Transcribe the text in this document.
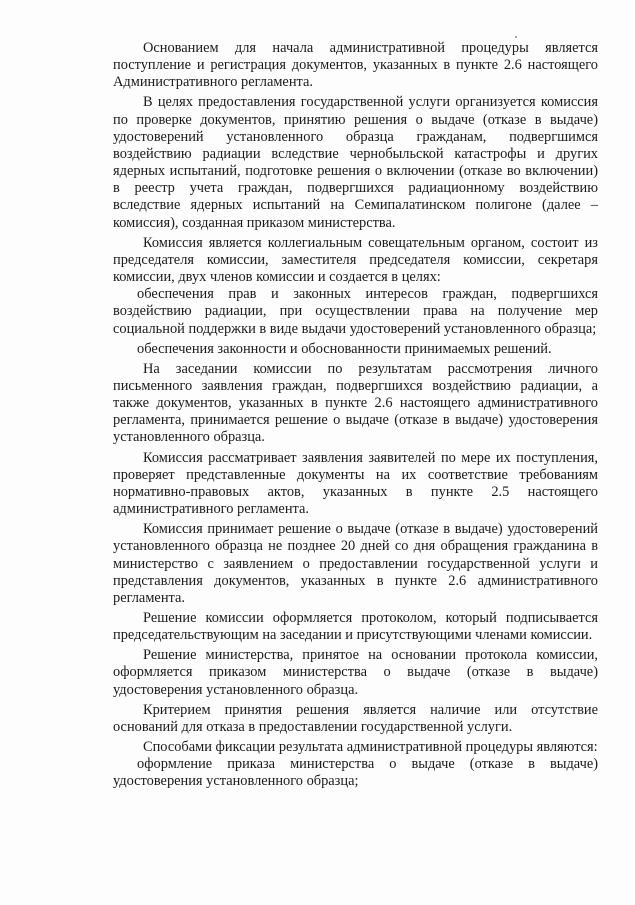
Основанием для начала административной процедуры является поступление и регистрация документов, указанных в пункте 2.6 настоящего Административного регламента.

В целях предоставления государственной услуги организуется комиссия по проверке документов, принятию решения о выдаче (отказе в выдаче) удостоверений установленного образца гражданам, подвергшимся воздействию радиации вследствие чернобыльской катастрофы и других ядерных испытаний, подготовке решения о включении (отказе во включении) в реестр учета граждан, подвергшихся радиационному воздействию вследствие ядерных испытаний на Семипалатинском полигоне (далее – комиссия), созданная приказом министерства.

Комиссия является коллегиальным совещательным органом, состоит из председателя комиссии, заместителя председателя комиссии, секретаря комиссии, двух членов комиссии и создается в целях:

обеспечения прав и законных интересов граждан, подвергшихся воздействию радиации, при осуществлении права на получение мер социальной поддержки в виде выдачи удостоверений установленного образца;

обеспечения законности и обоснованности принимаемых решений.

На заседании комиссии по результатам рассмотрения личного письменного заявления граждан, подвергшихся воздействию радиации, а также документов, указанных в пункте 2.6 настоящего административного регламента, принимается решение о выдаче (отказе в выдаче) удостоверения установленного образца.

Комиссия рассматривает заявления заявителей по мере их поступления, проверяет представленные документы на их соответствие требованиям нормативно-правовых актов, указанных в пункте 2.5 настоящего административного регламента.

Комиссия принимает решение о выдаче (отказе в выдаче) удостоверений установленного образца не позднее 20 дней со дня обращения гражданина в министерство с заявлением о предоставлении государственной услуги и представления документов, указанных в пункте 2.6 административного регламента.

Решение комиссии оформляется протоколом, который подписывается председательствующим на заседании и присутствующими членами комиссии.

Решение министерства, принятое на основании протокола комиссии, оформляется приказом министерства о выдаче (отказе в выдаче) удостоверения установленного образца.

Критерием принятия решения является наличие или отсутствие оснований для отказа в предоставлении государственной услуги.

Способами фиксации результата административной процедуры являются:

оформление приказа министерства о выдаче (отказе в выдаче) удостоверения установленного образца;
